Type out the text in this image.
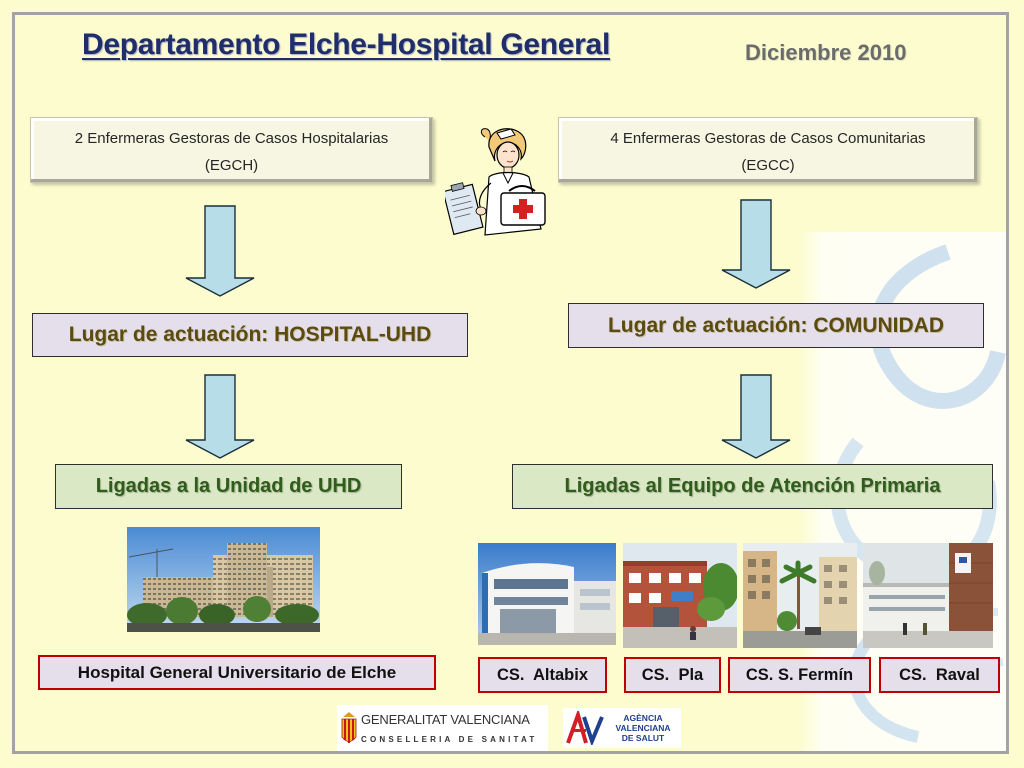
Departamento Elche-Hospital General	Diciembre 2010
2 Enfermeras Gestoras de Casos Hospitalarias
(EGCH)
4 Enfermeras Gestoras de Casos Comunitarias
(EGCC)
Lugar de actuación: HOSPITAL-UHD	Lugar de actuación: COMUNIDAD
Ligadas a la Unidad de UHD	Ligadas al Equipo de Atención Primaria
Hospital General Universitario de Elche	CS.  Altabix	CS.  Pla	CS. S. Fermín	CS.  Raval
GENERALITAT VALENCIANA
CONSELLERIA DE SANITAT
AGÈNCIA
VALENCIANA
DE SALUT
